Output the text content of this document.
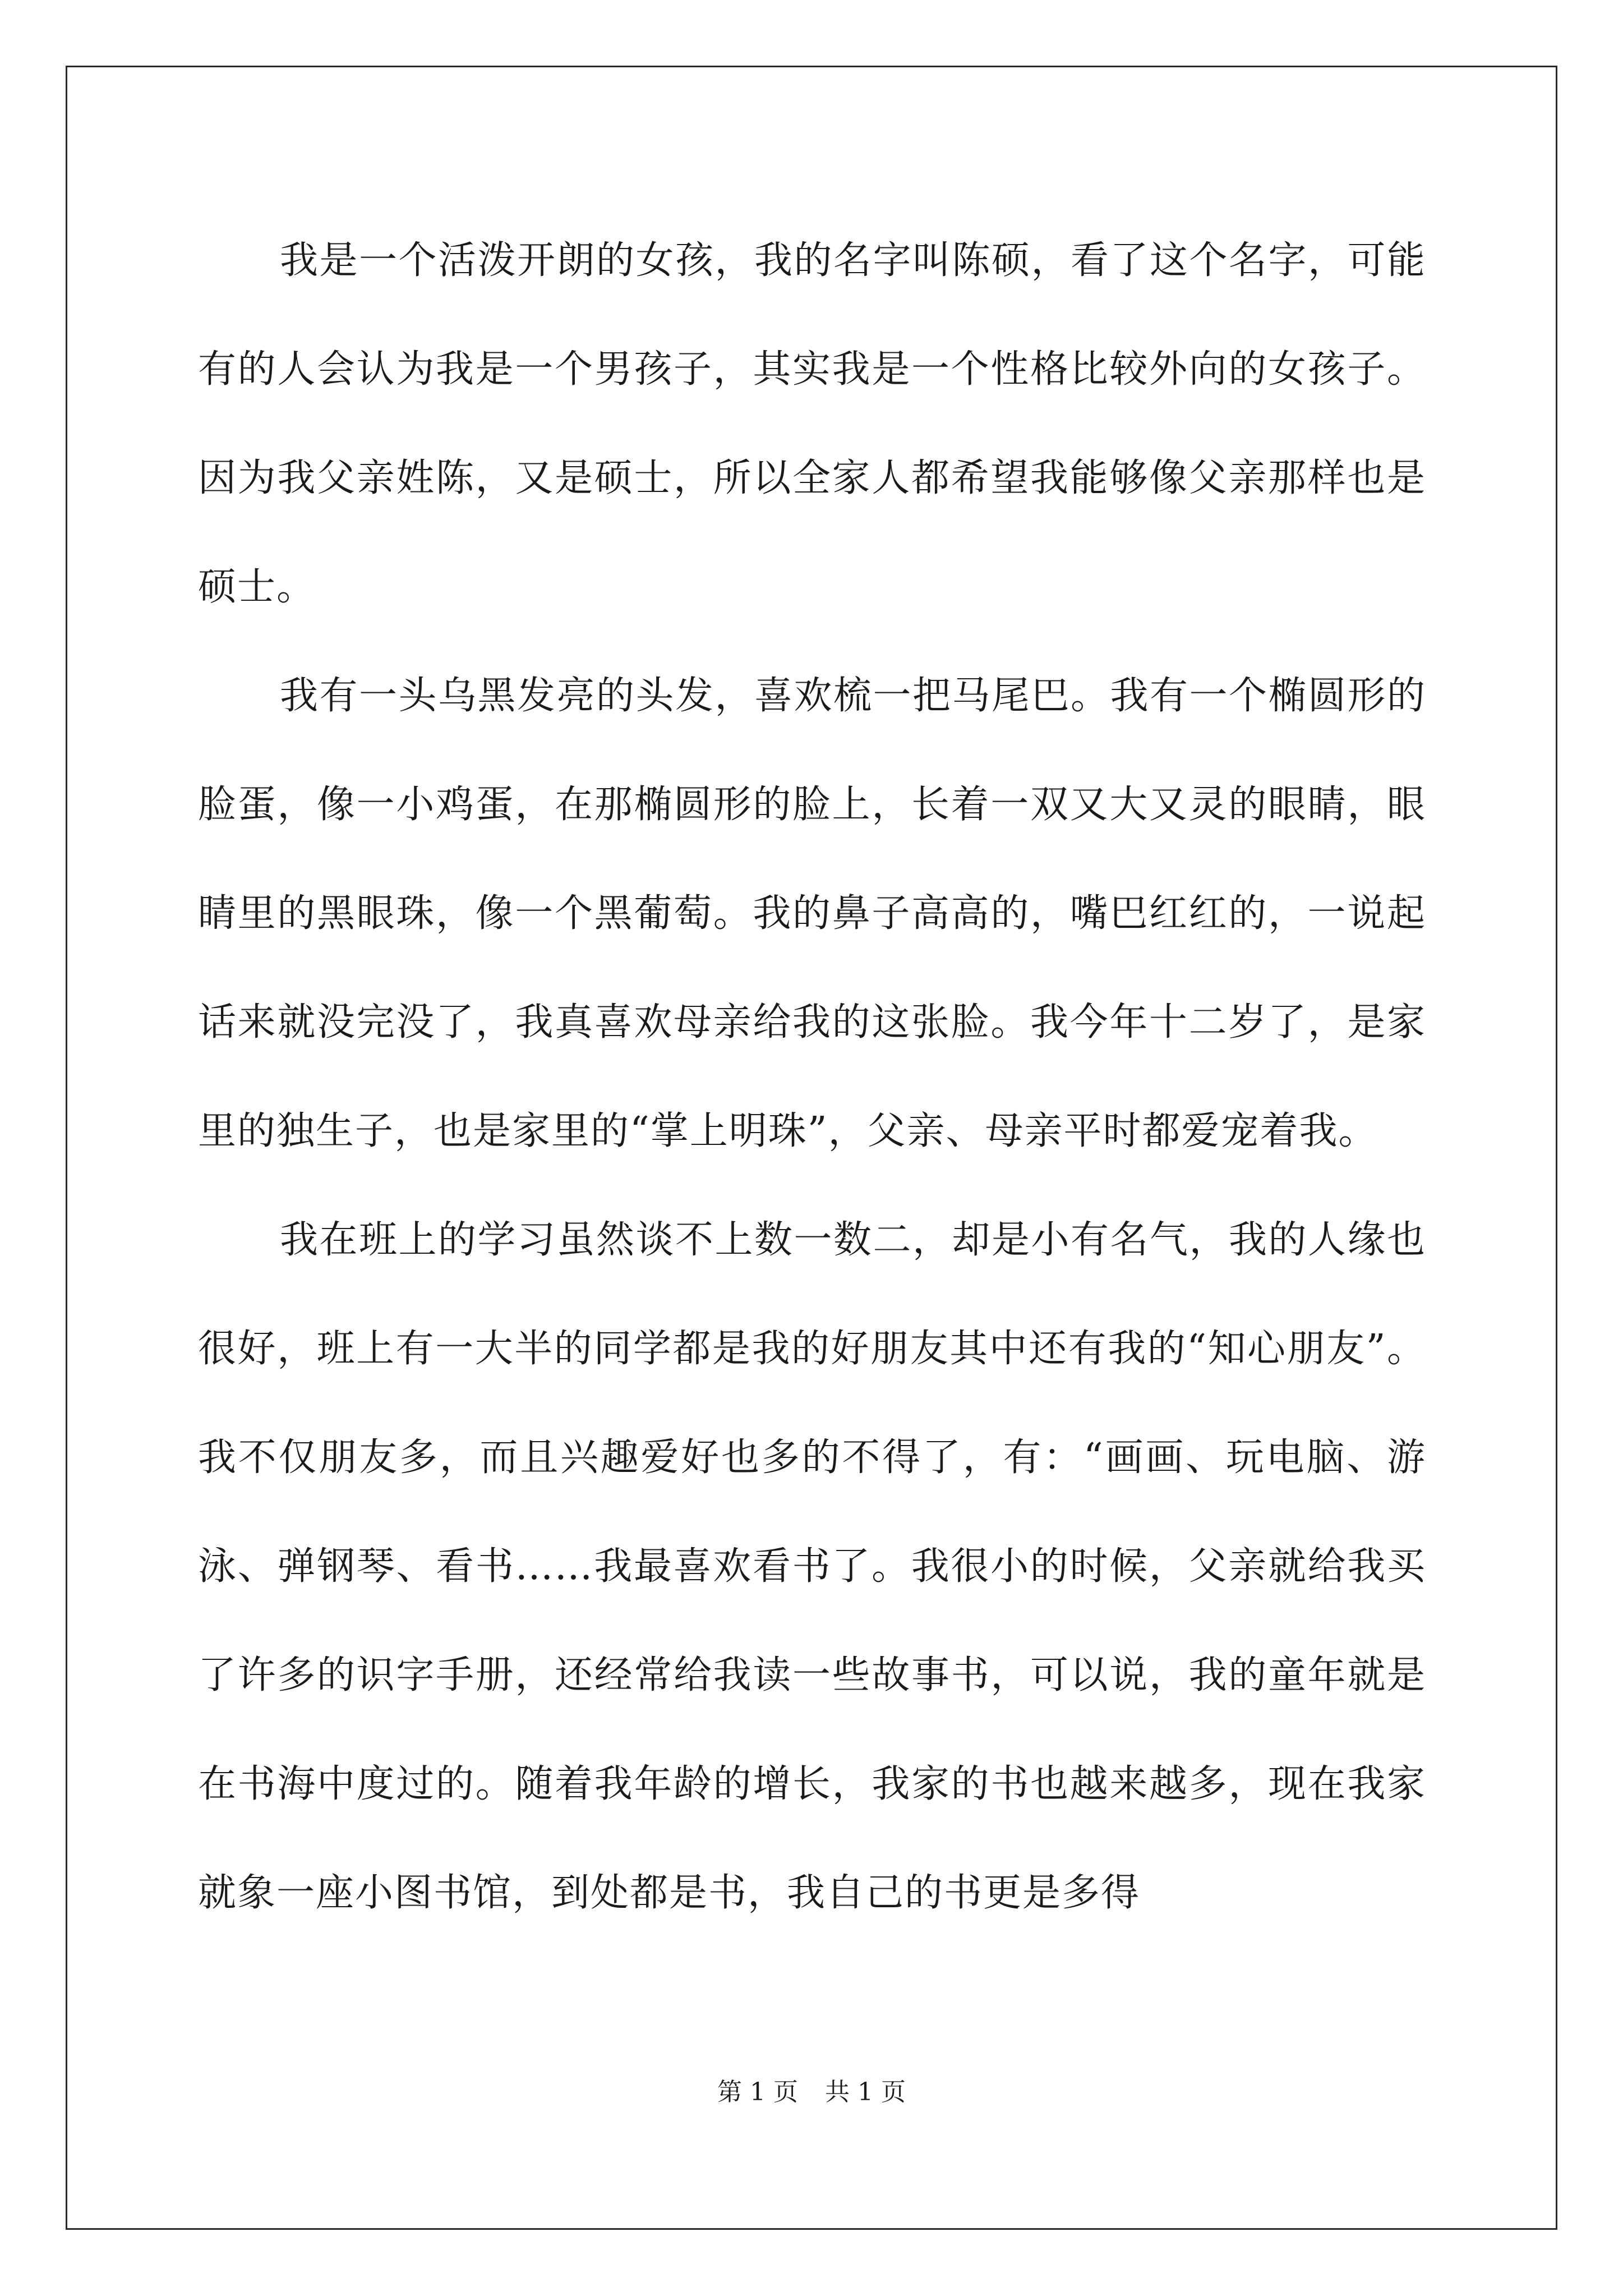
我是一个活泼开朗的女孩，我的名字叫陈硕，看了这个名字，可能有的人会认为我是一个男孩子，其实我是一个性格比较外向的女孩子。因为我父亲姓陈，又是硕士，所以全家人都希望我能够像父亲那样也是硕士。

我有一头乌黑发亮的头发，喜欢梳一把马尾巴。我有一个椭圆形的脸蛋，像一小鸡蛋，在那椭圆形的脸上，长着一双又大又灵的眼睛，眼睛里的黑眼珠，像一个黑葡萄。我的鼻子高高的，嘴巴红红的，一说起话来就没完没了，我真喜欢母亲给我的这张脸。我今年十二岁了，是家里的独生子，也是家里的“掌上明珠”，父亲、母亲平时都爱宠着我。

我在班上的学习虽然谈不上数一数二，却是小有名气，我的人缘也很好，班上有一大半的同学都是我的好朋友其中还有我的“知心朋友”。我不仅朋友多，而且兴趣爱好也多的不得了，有：“画画、玩电脑、游泳、弹钢琴、看书……我最喜欢看书了。我很小的时候，父亲就给我买了许多的识字手册，还经常给我读一些故事书，可以说，我的童年就是在书海中度过的。随着我年龄的增长，我家的书也越来越多，现在我家就象一座小图书馆，到处都是书，我自己的书更是多得

第 1 页 共 1 页
